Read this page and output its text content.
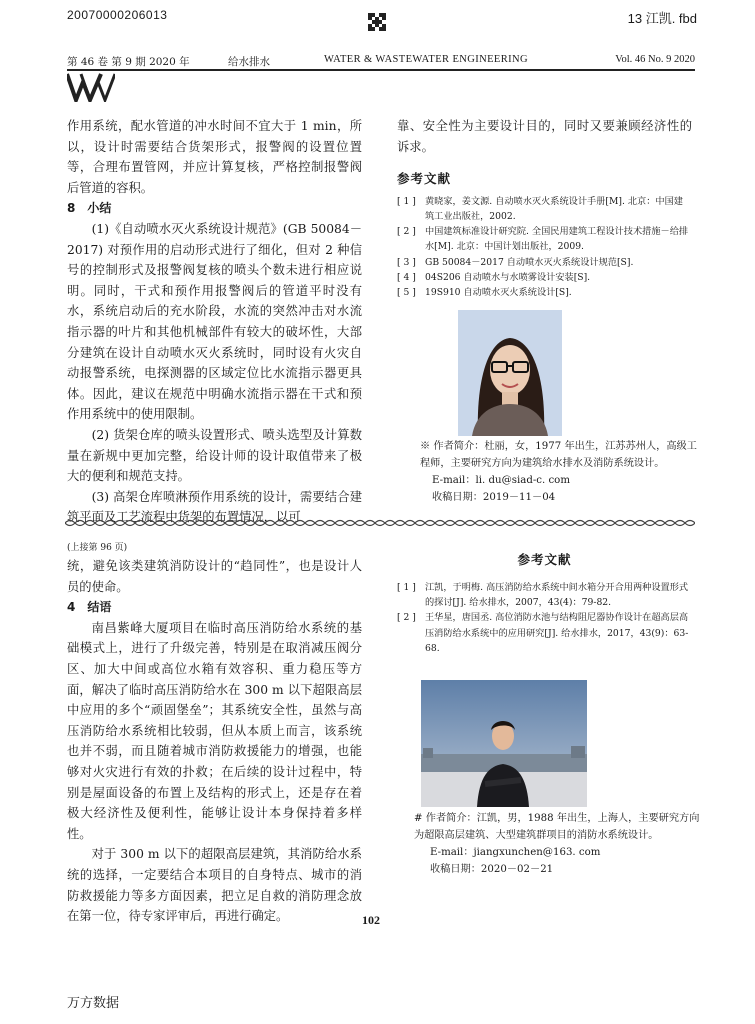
20070000206013	13 江凯. fbd
第 46 卷 第 9 期 2020 年	给水排水	WATER & WASTEWATER ENGINEERING	Vol. 46 No. 9 2020

作用系统，配水管道的冲水时间不宜大于 1 min，所以，设计时需要结合货架形式，报警阀的设置位置等，合理布置管网，并应计算复核，严格控制报警阀后管道的容积。

8　小结

(1)《自动喷水灭火系统设计规范》(GB 50084－2017) 对预作用的启动形式进行了细化，但对 2 种信号的控制形式及报警阀复核的喷头个数未进行相应说明。同时，干式和预作用报警阀后的管道平时没有水，系统启动后的充水阶段，水流的突然冲击对水流指示器的叶片和其他机械部件有较大的破坏性，大部分建筑在设计自动喷水灭火系统时，同时设有火灾自动报警系统，电探测器的区域定位比水流指示器更具体。因此，建议在规范中明确水流指示器在干式和预作用系统中的使用限制。

(2) 货架仓库的喷头设置形式、喷头选型及计算数量在新规中更加完整，给设计师的设计取值带来了极大的便利和规范支持。

(3) 高架仓库喷淋预作用系统的设计，需要结合建筑平面及工艺流程中货架的布置情况，以可

靠、安全性为主要设计目的，同时又要兼顾经济性的诉求。

参考文献

[ 1 ] 黄晓家，姜文源. 自动喷水灭火系统设计手册[M]. 北京：中国建筑工业出版社，2002.
[ 2 ] 中国建筑标准设计研究院. 全国民用建筑工程设计技术措施－给排水[M]. 北京：中国计划出版社，2009.
[ 3 ] GB 50084－2017 自动喷水灭火系统设计规范[S].
[ 4 ] 04S206 自动喷水与水喷雾设计安装[S].
[ 5 ] 19S910 自动喷水灭火系统设计[S].
※ 作者简介：杜丽，女，1977 年出生，江苏苏州人，高级工程师，主要研究方向为建筑给水排水及消防系统设计。
E-mail：li. du@siad-c. com
收稿日期：2019－11－04
(上接第 96 页)

统，避免该类建筑消防设计的“趋同性”，也是设计人员的使命。

4　结语

南昌紫峰大厦项目在临时高压消防给水系统的基础模式上，进行了升级完善，特别是在取消减压阀分区、加大中间或高位水箱有效容积、重力稳压等方面，解决了临时高压消防给水在 300 m 以下超限高层中应用的多个“顽固堡垒”；其系统安全性，虽然与高压消防给水系统相比较弱，但从本质上而言，该系统也并不弱，而且随着城市消防救援能力的增强，也能够对火灾进行有效的扑救；在后续的设计过程中，特别是屋面设备的布置上及结构的形式上，还是存在着极大经济性及便利性，能够让设计本身保持着多样性。

对于 300 m 以下的超限高层建筑，其消防给水系统的选择，一定要结合本项目的自身特点、城市的消防救援能力等多方面因素，把立足自救的消防理念放在第一位，待专家评审后，再进行确定。

参考文献

[ 1 ] 江凯，于明梅. 高压消防给水系统中间水箱分开合用两种设置形式的探讨[J]. 给水排水，2007，43(4)：79-82.
[ 2 ] 王华星，唐国丞. 高位消防水池与结构阻尼器协作设计在超高层高压消防给水系统中的应用研究[J]. 给水排水，2017，43(9)：63-68.
# 作者简介：江凯，男，1988 年出生，上海人，主要研究方向为超限高层建筑、大型建筑群项目的消防水系统设计。
E-mail：jiangxunchen@163. com
收稿日期：2020－02－21
102
万方数据
